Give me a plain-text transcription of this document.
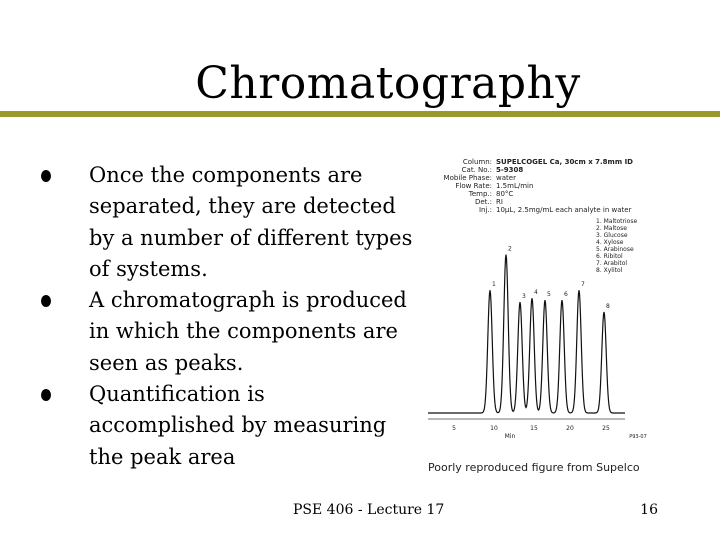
Chromatography
Once the components are separated, they are detected by a number of different types of systems.
A chromatograph is produced in which the components are seen as peaks.
Quantification is accomplished by measuring the peak area
Column: SUPELCOGEL Ca, 30cm x 7.8mm ID
Cat. No.: 5-9308
Mobile Phase: water
Flow Rate: 1.5mL/min
Temp.: 80°C
Det.: RI
Inj.: 10µL, 2.5mg/mL each analyte in water
1. Maltotriose
2. Maltose
3. Glucose
4. Xylose
5. Arabinose
6. Ribitol
7. Arabitol
8. Xylitol
1
2
3
4 5 6
7
8
5	10	15	20	25
Min	P93-07
Poorly reproduced figure from Supelco
PSE 406 - Lecture 17	16
